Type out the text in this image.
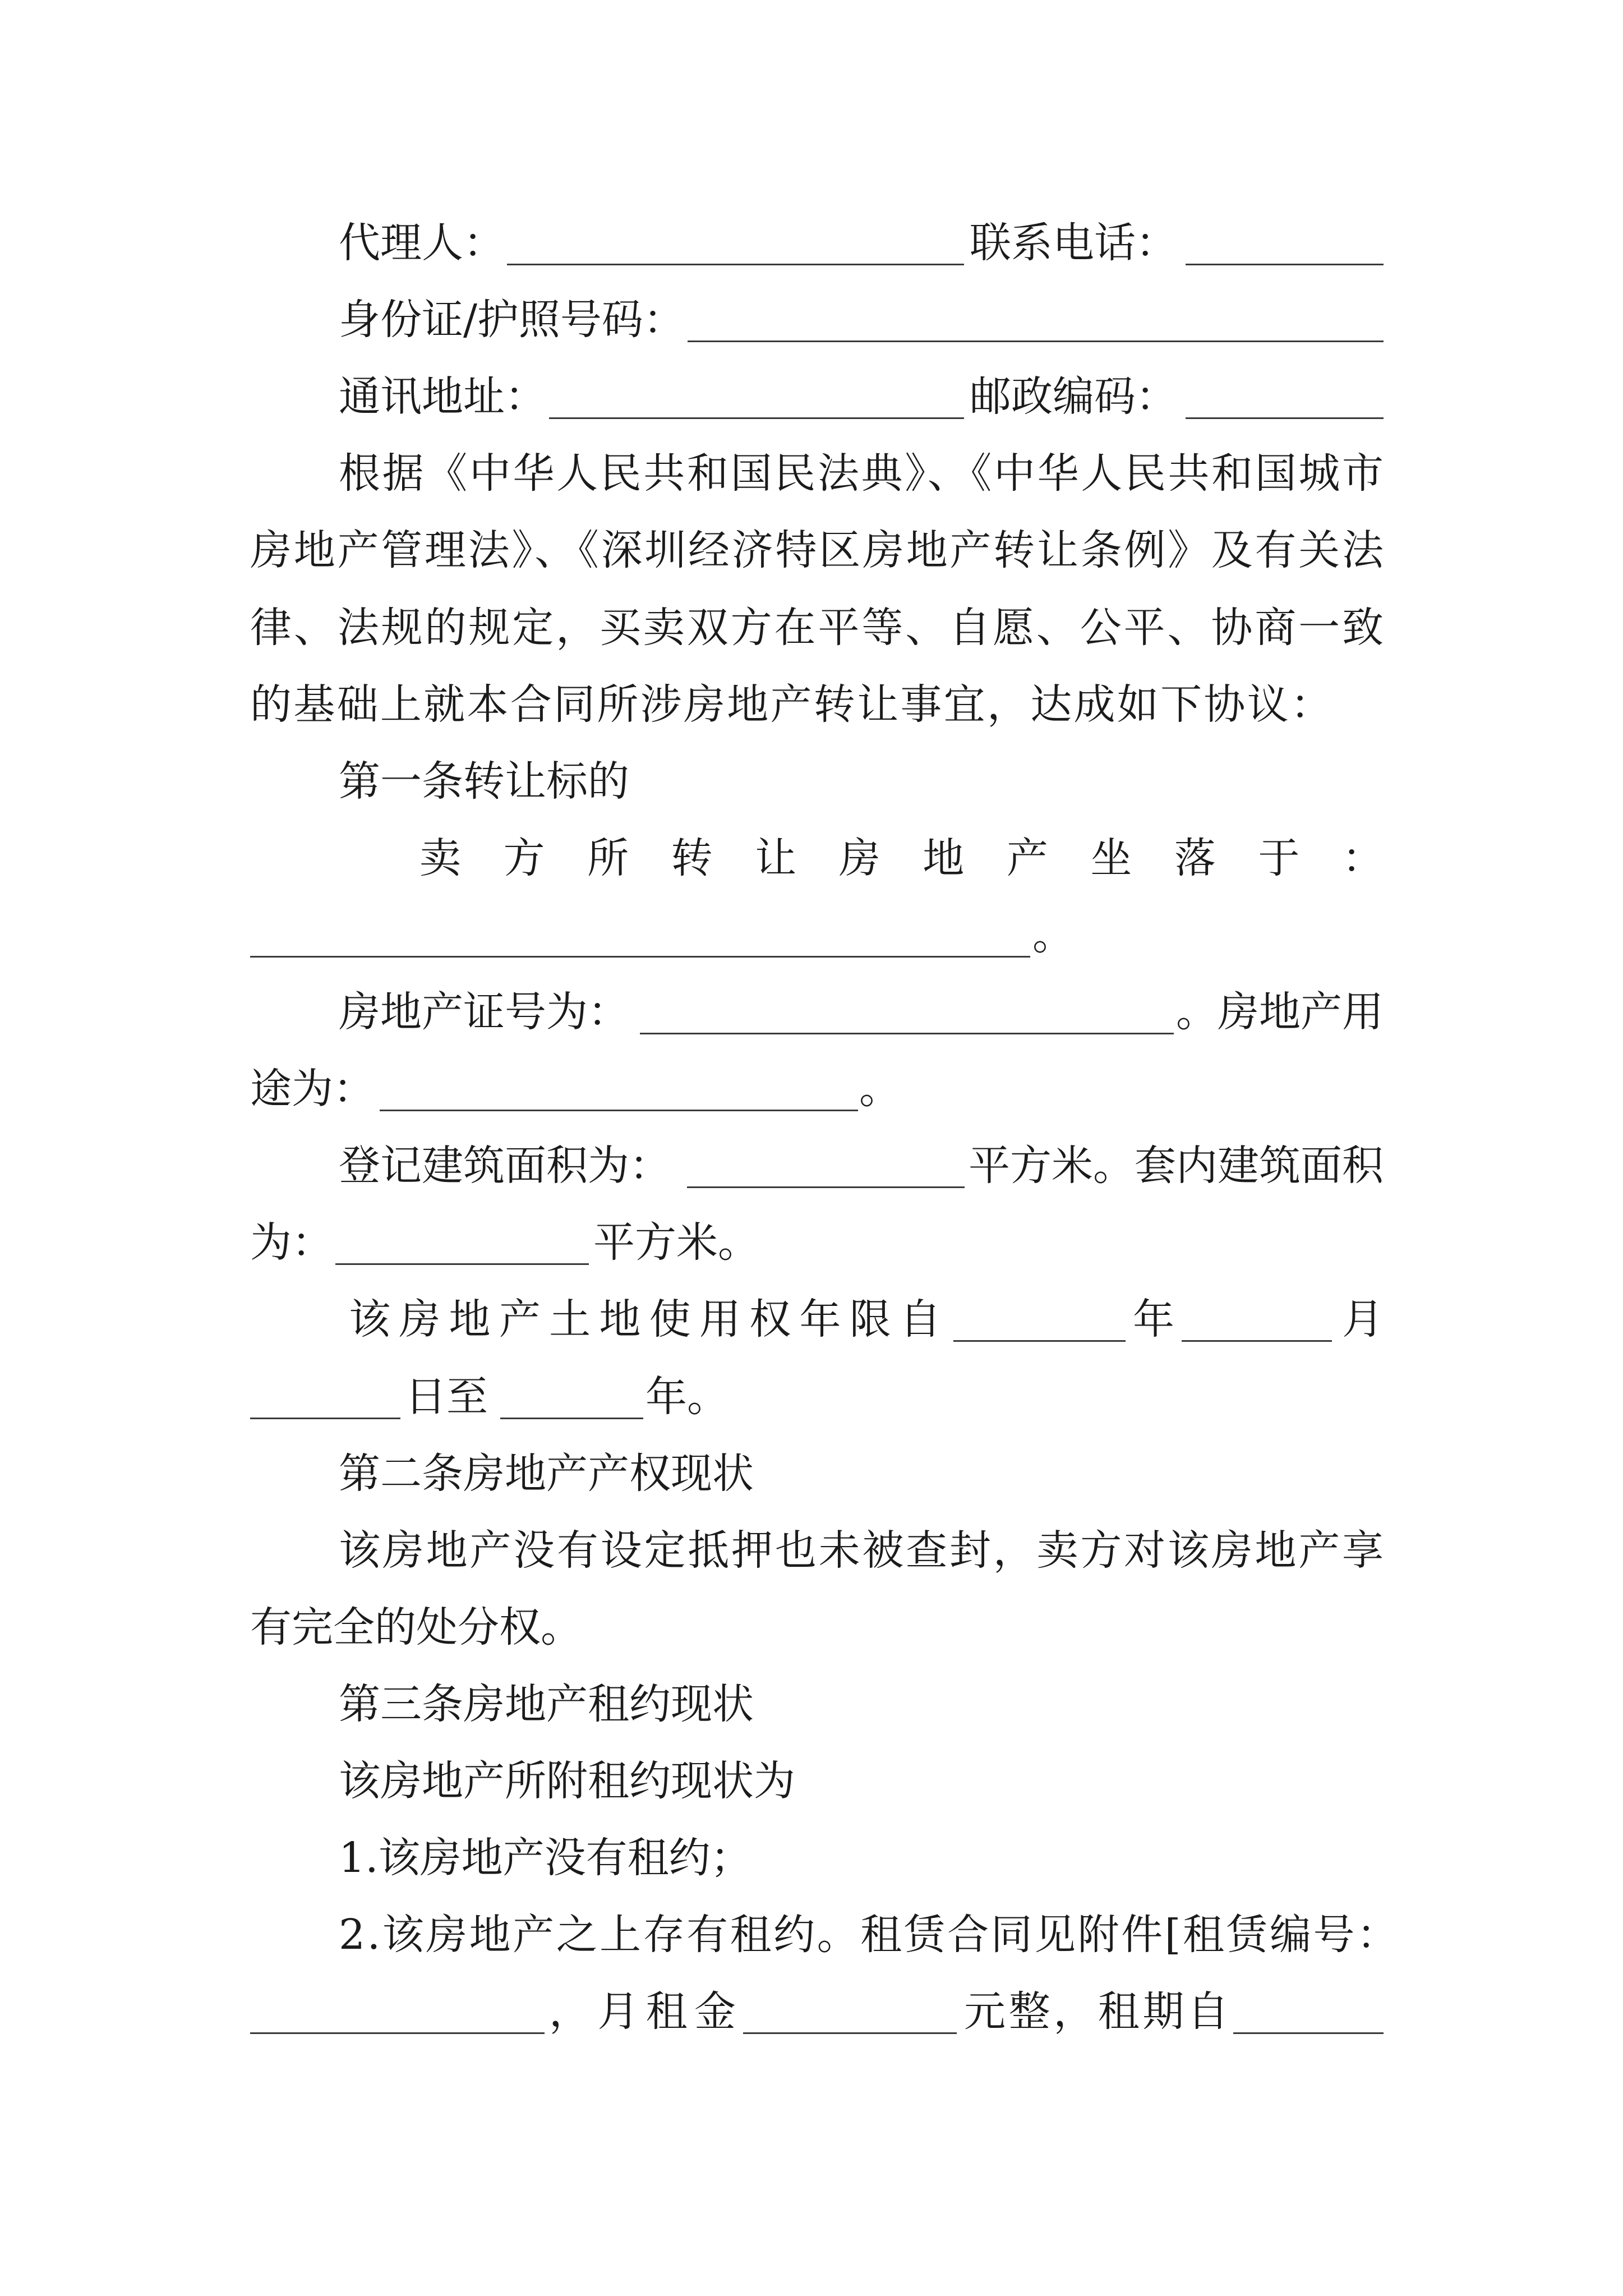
代理人：	联系电话：
身份证/护照号码：
通讯地址：	邮政编码：
根据《中华人民共和国民法典》、《中华人民共和国城市
房地产管理法》、《深圳经济特区房地产转让条例》及有关法
律、法规的规定，买卖双方在平等、自愿、公平、协商一致
的基础上就本合同所涉房地产转让事宜，达成如下协议：
第一条转让标的
卖方所转让房地产坐落于：
。
房地产证号为：	。房地产用
途为：	。
登记建筑面积为：	平方米。套内建筑面积
为：	平方米。
该房地产土地使用权年限自	年	月
日至	年。
第二条房地产产权现状
该房地产没有设定抵押也未被查封，卖方对该房地产享
有完全的处分权。
第三条房地产租约现状
该房地产所附租约现状为
1.该房地产没有租约；
2.该房地产之上存有租约。租赁合同见附件[租赁编号：
，月租金	元整，租期自
